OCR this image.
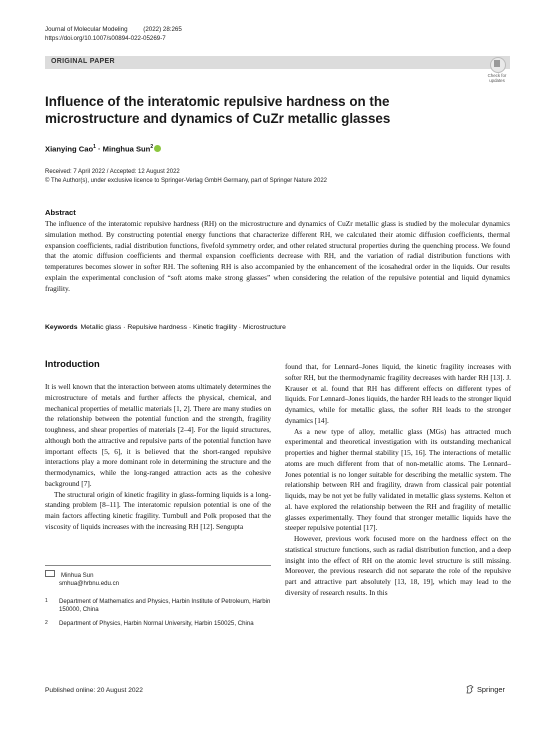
Journal of Molecular Modeling	(2022) 28:265
https://doi.org/10.1007/s00894-022-05269-7
ORIGINAL PAPER
Check for
updates
Influence of the interatomic repulsive hardness on the microstructure and dynamics of CuZr metallic glasses
Xianying Cao$^1$ · Minghua Sun$^2$
Received: 7 April 2022 / Accepted: 12 August 2022
© The Author(s), under exclusive licence to Springer-Verlag GmbH Germany, part of Springer Nature 2022
Abstract
The influence of the interatomic repulsive hardness (RH) on the microstructure and dynamics of CuZr metallic glass is studied by the molecular dynamics simulation method. By constructing potential energy functions that characterize different RH, we calculated their atomic diffusion coefficients, thermal expansion coefficients, radial distribution functions, fivefold symmetry order, and other related structural properties during the quenching process. We found that the atomic diffusion coefficients and thermal expansion coefficients decrease with RH, and the variation of radial distribution functions with temperatures becomes slower in softer RH. The softening RH is also accompanied by the enhancement of the icosahedral order in the liquids. Our results explain the experimental conclusion of “soft atoms make strong glasses” when considering the relation of the repulsive potential and liquid dynamics fragility.
Keywords Metallic glass · Repulsive hardness · Kinetic fragility · Microstructure
Introduction

It is well known that the interaction between atoms ultimately determines the microstructure of metals and further affects the physical, chemical, and mechanical properties of metallic materials [1, 2]. There are many studies on the relationship between the potential function and the strength, fragility toughness, and shear properties of materials [2–4]. For the liquid structures, although both the attractive and repulsive parts of the potential function have important effects [5, 6], it is believed that the short-ranged repulsive interactions play a more dominant role in determining the structure and the thermodynamics, while the long-ranged attraction acts as the cohesive background [7].

The structural origin of kinetic fragility in glass-forming liquids is a long-standing problem [8–11]. The interatomic repulsion potential is one of the main factors affecting kinetic fragility. Turnbull and Polk proposed that the viscosity of liquids increases with the increasing RH [12]. Sengupta

found that, for Lennard–Jones liquid, the kinetic fragility increases with softer RH, but the thermodynamic fragility decreases with harder RH [13]. J. Krauser et al. found that RH has different effects on different types of liquids. For Lennard–Jones liquids, the harder RH leads to the stronger liquid dynamics, while for metallic glass, the softer RH leads to the stronger dynamics [14].

As a new type of alloy, metallic glass (MGs) has attracted much experimental and theoretical investigation with its outstanding mechanical properties and higher thermal stability [15, 16]. The interactions of metallic atoms are much different from that of non-metallic atoms. The Lennard–Jones potential is no longer suitable for describing the metallic system. The relationship between RH and fragility, drawn from classical pair potential liquids, may be not yet be fully validated in metallic glass systems. Kelton et al. have explored the relationship between the RH and fragility of metallic glasses experimentally. They found that stronger metallic liquids have the steeper repulsive potential [17].

However, previous work focused more on the hardness effect on the statistical structure functions, such as radial distribution function, and a deep insight into the effect of RH on the atomic level structure is still missing. Moreover, the previous research did not separate the role of the repulsive part and attractive part absolutely [13, 18, 19], which may lead to the diversity of research results. In this

Minhua Sun
smhua@hrbnu.edu.cn
1 Department of Mathematics and Physics, Harbin Institute of Petroleum, Harbin 150000, China
2 Department of Physics, Harbin Normal University, Harbin 150025, China
Published online: 20 August 2022	Springer
